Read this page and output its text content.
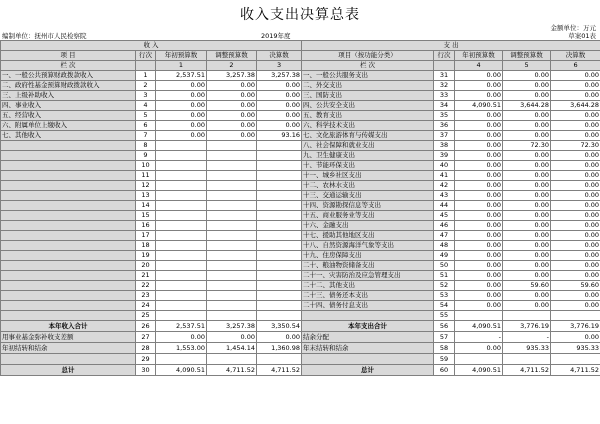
收入支出决算总表
金额单位：万元
编制单位：抚州市人民检察院	2019年度	草案01表
收 入					支 出				
项 目	行次	年初预算数	调整预算数	决算数	项目（按功能分类）	行次	年初预算数	调整预算数	决算数
栏 次		1	2	3	栏 次		4	5	6
一、一般公共预算财政拨款收入	1	2,537.51	3,257.38	3,257.38	一、一般公共服务支出	31	0.00	0.00	0.00
二、政府性基金预算财政拨款收入	2	0.00	0.00	0.00	二、外交支出	32	0.00	0.00	0.00
三、上级补助收入	3	0.00	0.00	0.00	三、国防支出	33	0.00	0.00	0.00
四、事业收入	4	0.00	0.00	0.00	四、公共安全支出	34	4,090.51	3,644.28	3,644.28
五、经营收入	5	0.00	0.00	0.00	五、教育支出	35	0.00	0.00	0.00
六、附属单位上缴收入	6	0.00	0.00	0.00	六、科学技术支出	36	0.00	0.00	0.00
七、其他收入	7	0.00	0.00	93.16	七、文化旅游体育与传媒支出	37	0.00	0.00	0.00
	8				八、社会保障和就业支出	38	0.00	72.30	72.30
	9				九、卫生健康支出	39	0.00	0.00	0.00
	10				十、节能环保支出	40	0.00	0.00	0.00
	11				十一、城乡社区支出	41	0.00	0.00	0.00
	12				十二、农林水支出	42	0.00	0.00	0.00
	13				十三、交通运输支出	43	0.00	0.00	0.00
	14				十四、资源勘探信息等支出	44	0.00	0.00	0.00
	15				十五、商业服务业等支出	45	0.00	0.00	0.00
	16				十六、金融支出	46	0.00	0.00	0.00
	17				十七、援助其他地区支出	47	0.00	0.00	0.00
	18				十八、自然资源海洋气象等支出	48	0.00	0.00	0.00
	19				十九、住房保障支出	49	0.00	0.00	0.00
	20				二十、粮油物资储备支出	50	0.00	0.00	0.00
	21				二十一、灾害防治及应急管理支出	51	0.00	0.00	0.00
	22				二十二、其他支出	52	0.00	59.60	59.60
	23				二十三、债务还本支出	53	0.00	0.00	0.00
	24				二十四、债务付息支出	54	0.00	0.00	0.00
	25					55			
本年收入合计	26	2,537.51	3,257.38	3,350.54	本年支出合计	56	4,090.51	3,776.19	3,776.19
用事业基金弥补收支差额	27	0.00	0.00	0.00	结余分配	57	-	-	0.00
年初结转和结余	28	1,553.00	1,454.14	1,360.98	年末结转和结余	58	0.00	935.33	935.33
	29					59			
总计	30	4,090.51	4,711.52	4,711.52	总计	60	4,090.51	4,711.52	4,711.52
